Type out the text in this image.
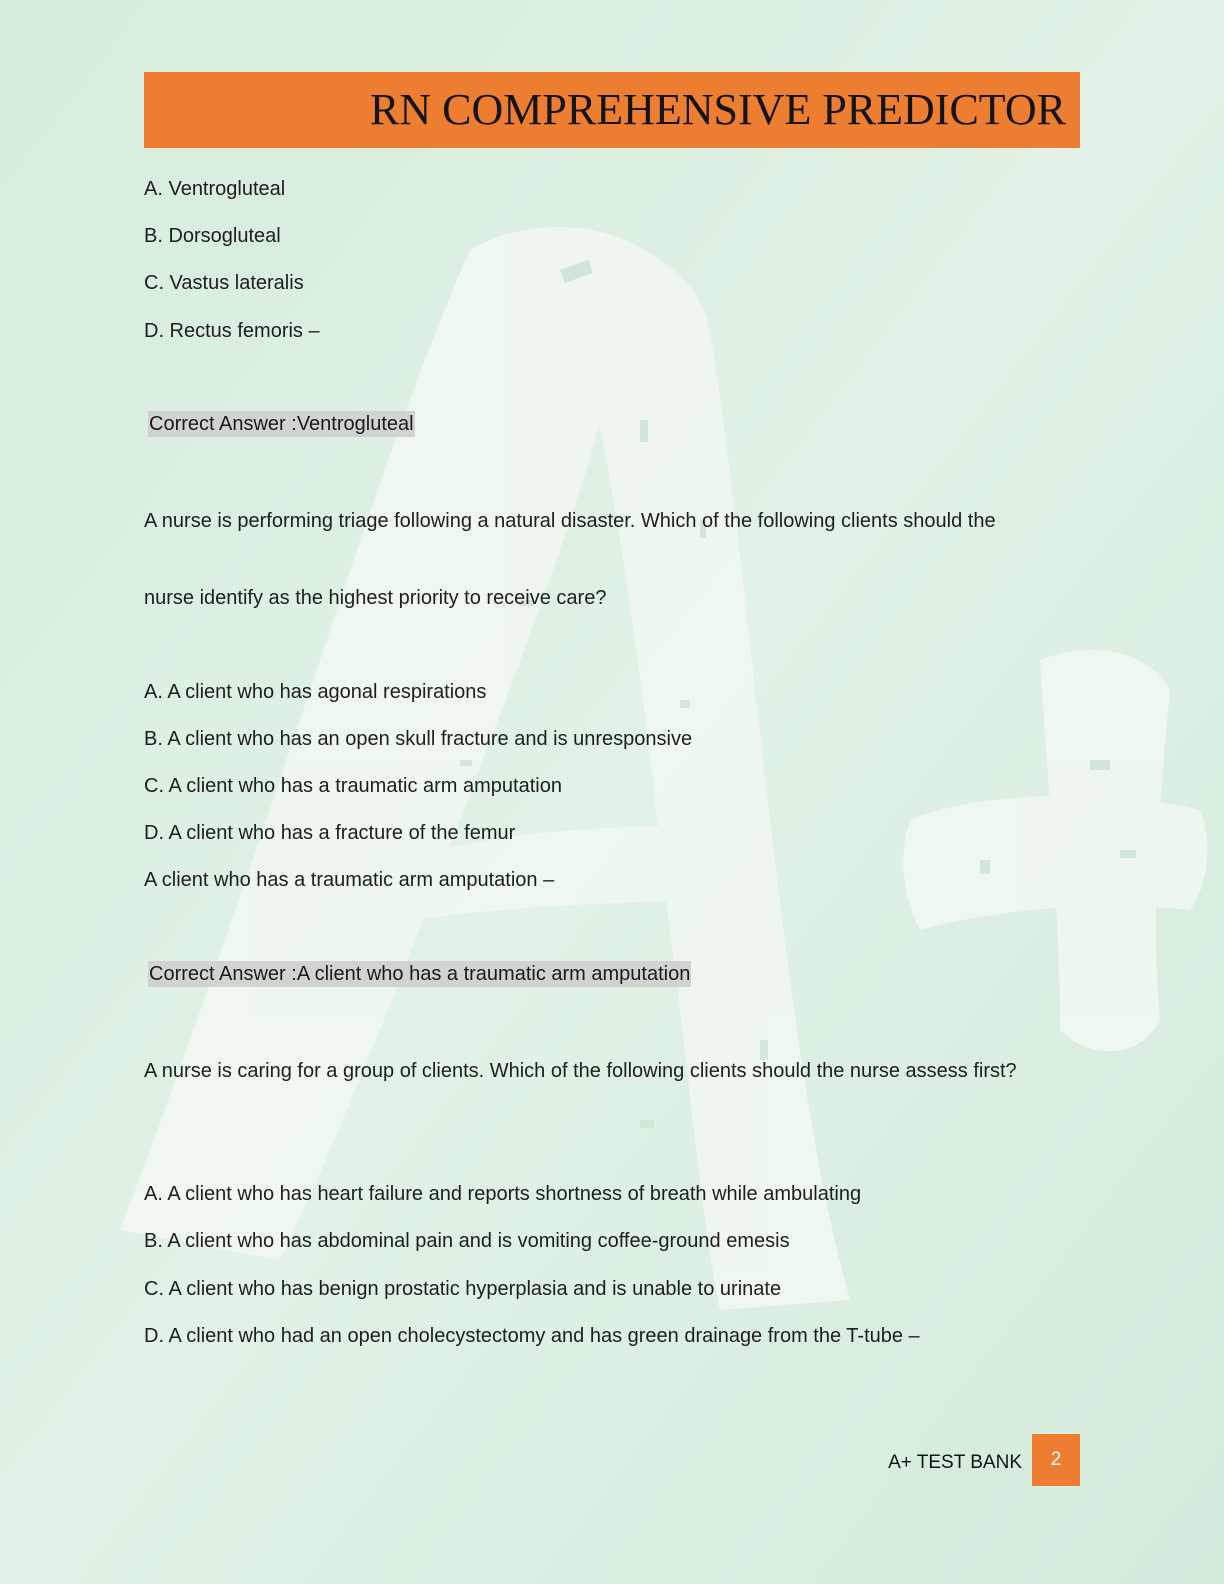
RN COMPREHENSIVE PREDICTOR
A. Ventrogluteal
B. Dorsogluteal
C. Vastus lateralis
D. Rectus femoris –
Correct Answer :Ventrogluteal
A nurse is performing triage following a natural disaster. Which of the following clients should the
nurse identify as the highest priority to receive care?
A. A client who has agonal respirations
B. A client who has an open skull fracture and is unresponsive
C. A client who has a traumatic arm amputation
D. A client who has a fracture of the femur
A client who has a traumatic arm amputation –
Correct Answer :A client who has a traumatic arm amputation
A nurse is caring for a group of clients. Which of the following clients should the nurse assess first?
A. A client who has heart failure and reports shortness of breath while ambulating
B. A client who has abdominal pain and is vomiting coffee-ground emesis
C. A client who has benign prostatic hyperplasia and is unable to urinate
D. A client who had an open cholecystectomy and has green drainage from the T-tube –
A+ TEST BANK	2
